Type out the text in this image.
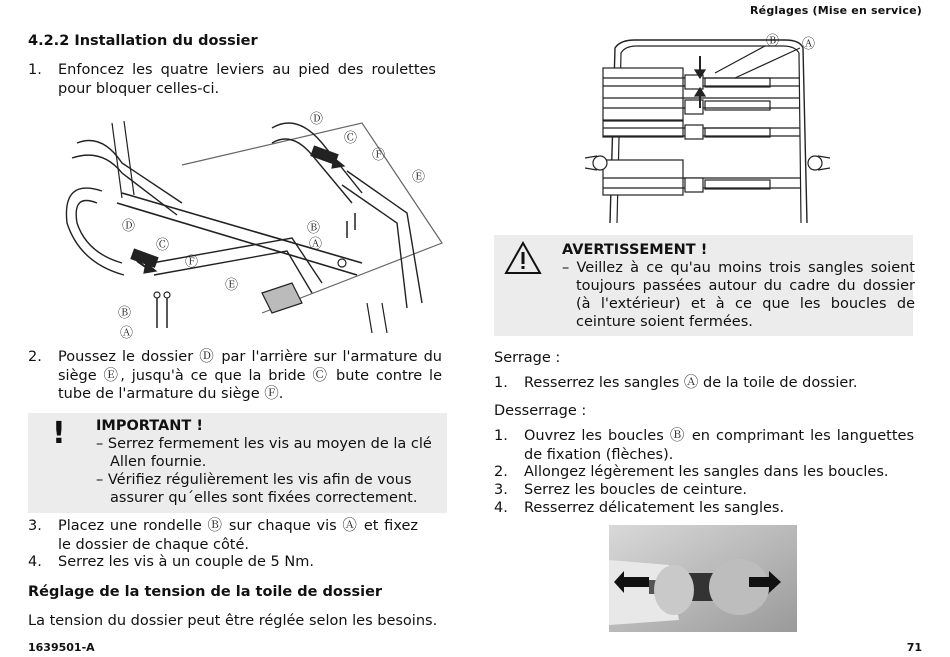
Réglages (Mise en service)
4.2.2 Installation du dossier
1. Enfoncez les quatre leviers au pied des roulettes pour bloquer celles-ci.
Ⓓ
Ⓒ
Ⓕ
Ⓔ
Ⓑ
Ⓐ
Ⓓ
Ⓒ
Ⓕ
Ⓔ
Ⓑ
Ⓐ
2. Poussez le dossier Ⓓ par l'arrière sur l'armature du siège Ⓔ, jusqu'à ce que la bride Ⓒ bute contre le tube de l'armature du siège Ⓕ.
! IMPORTANT !
– Serrez fermement les vis au moyen de la clé Allen fournie.
– Vérifiez régulièrement les vis afin de vous assurer qu´elles sont fixées correctement.
3. Placez une rondelle Ⓑ sur chaque vis Ⓐ et fixez le dossier de chaque côté.
4. Serrez les vis à un couple de 5 Nm.
Réglage de la tension de la toile de dossier
La tension du dossier peut être réglée selon les besoins.
Ⓑ Ⓐ
AVERTISSEMENT !
– Veillez à ce qu'au moins trois sangles soient toujours passées autour du cadre du dossier (à l'extérieur) et à ce que les boucles de ceinture soient fermées.
Serrage :
1. Resserrez les sangles Ⓐ de la toile de dossier.
Desserrage :
1. Ouvrez les boucles Ⓑ en comprimant les languettes de fixation (flèches).
2. Allongez légèrement les sangles dans les boucles.
3. Serrez les boucles de ceinture.
4. Resserrez délicatement les sangles.
1639501-A	71
